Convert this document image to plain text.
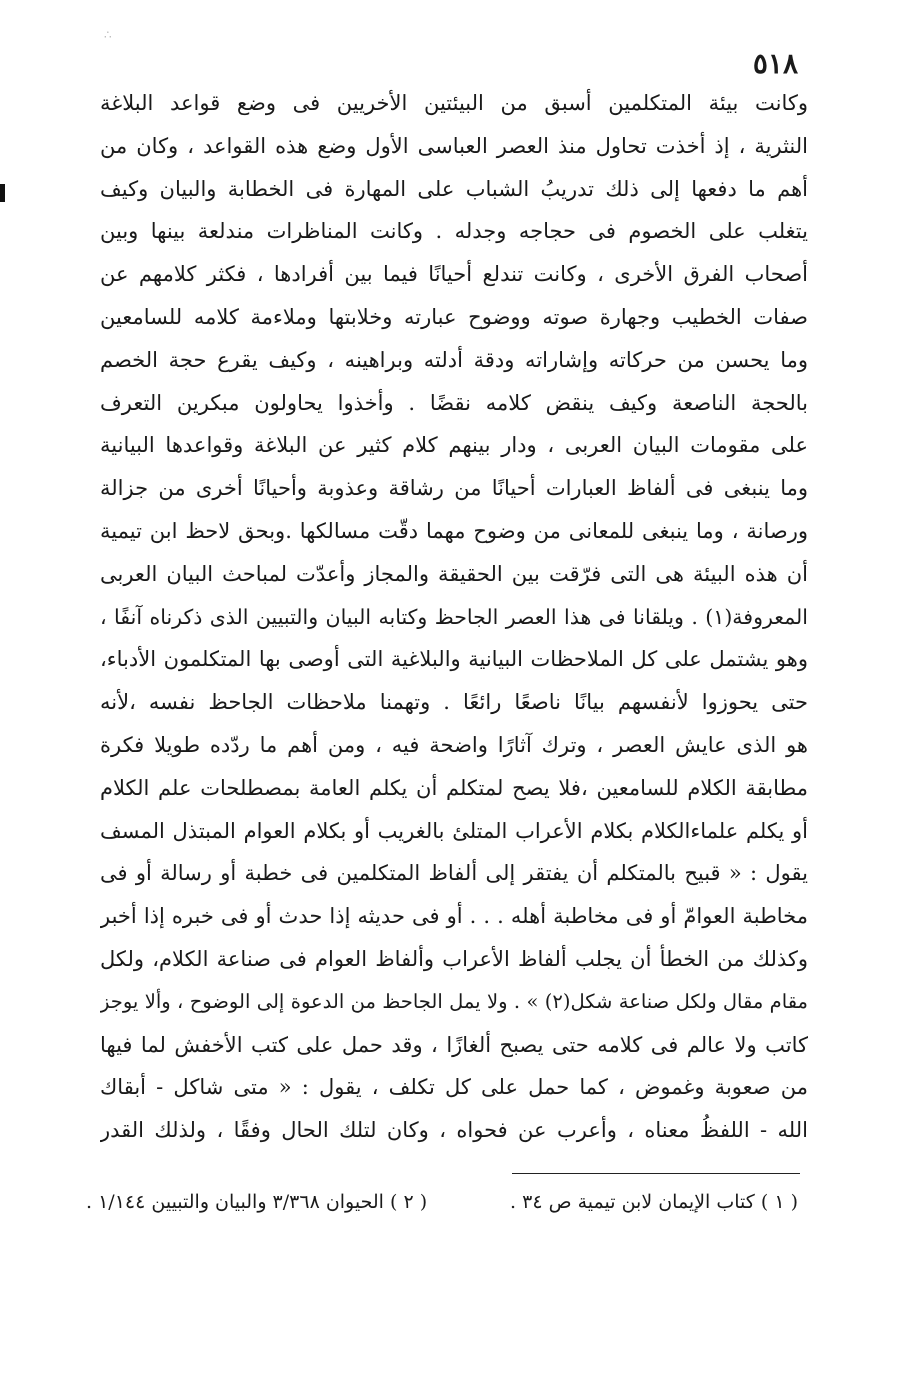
∴
٥١٨
وكانت بيئة المتكلمين أسبق من البيئتين الأخريين فى وضع قواعد البلاغة
النثرية ، إذ أخذت تحاول منذ العصر العباسى الأول وضع هذه القواعد ، وكان من
أهم ما دفعها إلى ذلك تدريبُ الشباب على المهارة فى الخطابة والبيان وكيف
يتغلب على الخصوم فى حجاجه وجدله . وكانت المناظرات مندلعة بينها وبين
أصحاب الفرق الأخرى ، وكانت تندلع أحيانًا فيما بين أفرادها ، فكثر كلامهم عن
صفات الخطيب وجهارة صوته ووضوح عبارته وخلابتها وملاءمة كلامه للسامعين
وما يحسن من حركاته وإشاراته ودقة أدلته وبراهينه ، وكيف يقرع حجة الخصم
بالحجة الناصعة وكيف ينقض كلامه نقضًا . وأخذوا يحاولون مبكرين التعرف
على مقومات البيان العربى ، ودار بينهم كلام كثير عن البلاغة وقواعدها البيانية
وما ينبغى فى ألفاظ العبارات أحيانًا من رشاقة وعذوبة وأحيانًا أخرى من جزالة
ورصانة ، وما ينبغى للمعانى من وضوح مهما دقّت مسالكها .وبحق لاحظ ابن تيمية
أن هذه البيئة هى التى فرّقت بين الحقيقة والمجاز وأعدّت لمباحث البيان العربى
المعروفة(١) . ويلقانا فى هذا العصر الجاحظ وكتابه البيان والتبيين الذى ذكرناه آنفًا ،
وهو يشتمل على كل الملاحظات البيانية والبلاغية التى أوصى بها المتكلمون الأدباء،
حتى يحوزوا لأنفسهم بيانًا ناصعًا رائعًا . وتهمنا ملاحظات الجاحظ نفسه ،لأنه
هو الذى عايش العصر ، وترك آثارًا واضحة فيه ، ومن أهم ما ردّده طويلا فكرة
مطابقة الكلام للسامعين ،فلا يصح لمتكلم أن يكلم العامة بمصطلحات علم الكلام
أو يكلم علماءالكلام بكلام الأعراب المتلئ بالغريب أو بكلام العوام المبتذل المسف
يقول : « قبيح بالمتكلم أن يفتقر إلى ألفاظ المتكلمين فى خطبة أو رسالة أو فى
مخاطبة العوامّ أو فى مخاطبة أهله . . . أو فى حديثه إذا حدث أو فى خبره إذا أخبر
وكذلك من الخطأ أن يجلب ألفاظ الأعراب وألفاظ العوام فى صناعة الكلام، ولكل
مقام مقال ولكل صناعة شكل(٢) » . ولا يمل الجاحظ من الدعوة إلى الوضوح ، وألا يوجز
كاتب ولا عالم فى كلامه حتى يصبح ألغازًا ، وقد حمل على كتب الأخفش لما فيها
من صعوبة وغموض ، كما حمل على كل تكلف ، يقول : « متى شاكل - أبقاك
الله - اللفظُ معناه ، وأعرب عن فحواه ، وكان لتلك الحال وفقًا ، ولذلك القدر
( ١ ) كتاب الإيمان لابن تيمية ص ٣٤ .
( ٢ ) الحيوان ٣/٣٦٨ والبيان والتبيين ١/١٤٤ .
